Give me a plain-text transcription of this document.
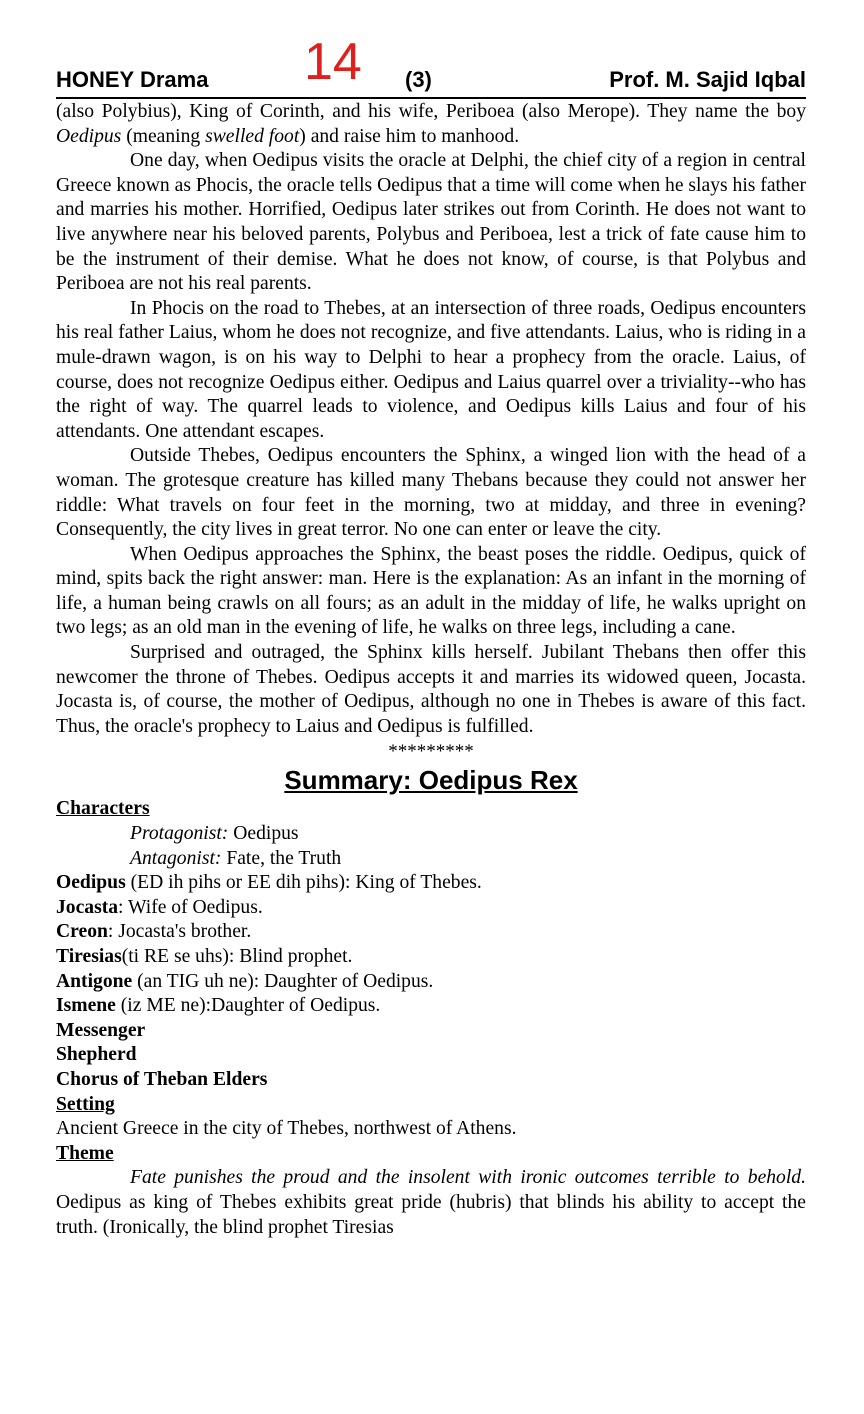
HONEY Drama 14 (3)	Prof. M. Sajid Iqbal

(also Polybius), King of Corinth, and his wife, Periboea (also Merope). They name the boy Oedipus (meaning swelled foot) and raise him to manhood.

One day, when Oedipus visits the oracle at Delphi, the chief city of a region in central Greece known as Phocis, the oracle tells Oedipus that a time will come when he slays his father and marries his mother. Horrified, Oedipus later strikes out from Corinth. He does not want to live anywhere near his beloved parents, Polybus and Periboea, lest a trick of fate cause him to be the instrument of their demise. What he does not know, of course, is that Polybus and Periboea are not his real parents.

In Phocis on the road to Thebes, at an intersection of three roads, Oedipus encounters his real father Laius, whom he does not recognize, and five attendants. Laius, who is riding in a mule-drawn wagon, is on his way to Delphi to hear a prophecy from the oracle. Laius, of course, does not recognize Oedipus either. Oedipus and Laius quarrel over a triviality--who has the right of way. The quarrel leads to violence, and Oedipus kills Laius and four of his attendants. One attendant escapes.

Outside Thebes, Oedipus encounters the Sphinx, a winged lion with the head of a woman. The grotesque creature has killed many Thebans because they could not answer her riddle: What travels on four feet in the morning, two at midday, and three in evening? Consequently, the city lives in great terror. No one can enter or leave the city.

When Oedipus approaches the Sphinx, the beast poses the riddle. Oedipus, quick of mind, spits back the right answer: man. Here is the explanation: As an infant in the morning of life, a human being crawls on all fours; as an adult in the midday of life, he walks upright on two legs; as an old man in the evening of life, he walks on three legs, including a cane.

Surprised and outraged, the Sphinx kills herself. Jubilant Thebans then offer this newcomer the throne of Thebes. Oedipus accepts it and marries its widowed queen, Jocasta. Jocasta is, of course, the mother of Oedipus, although no one in Thebes is aware of this fact. Thus, the oracle's prophecy to Laius and Oedipus is fulfilled.

*********
Summary: Oedipus Rex
Characters
Protagonist: Oedipus
Antagonist: Fate, the Truth
Oedipus (ED ih pihs or EE dih pihs): King of Thebes.
Jocasta: Wife of Oedipus.
Creon: Jocasta's brother.
Tiresias(ti RE se uhs): Blind prophet.
Antigone (an TIG uh ne): Daughter of Oedipus.
Ismene (iz ME ne):Daughter of Oedipus.
Messenger
Shepherd
Chorus of Theban Elders
Setting
Ancient Greece in the city of Thebes, northwest of Athens.
Theme

Fate punishes the proud and the insolent with ironic outcomes terrible to behold. Oedipus as king of Thebes exhibits great pride (hubris) that blinds his ability to accept the truth. (Ironically, the blind prophet Tiresias
